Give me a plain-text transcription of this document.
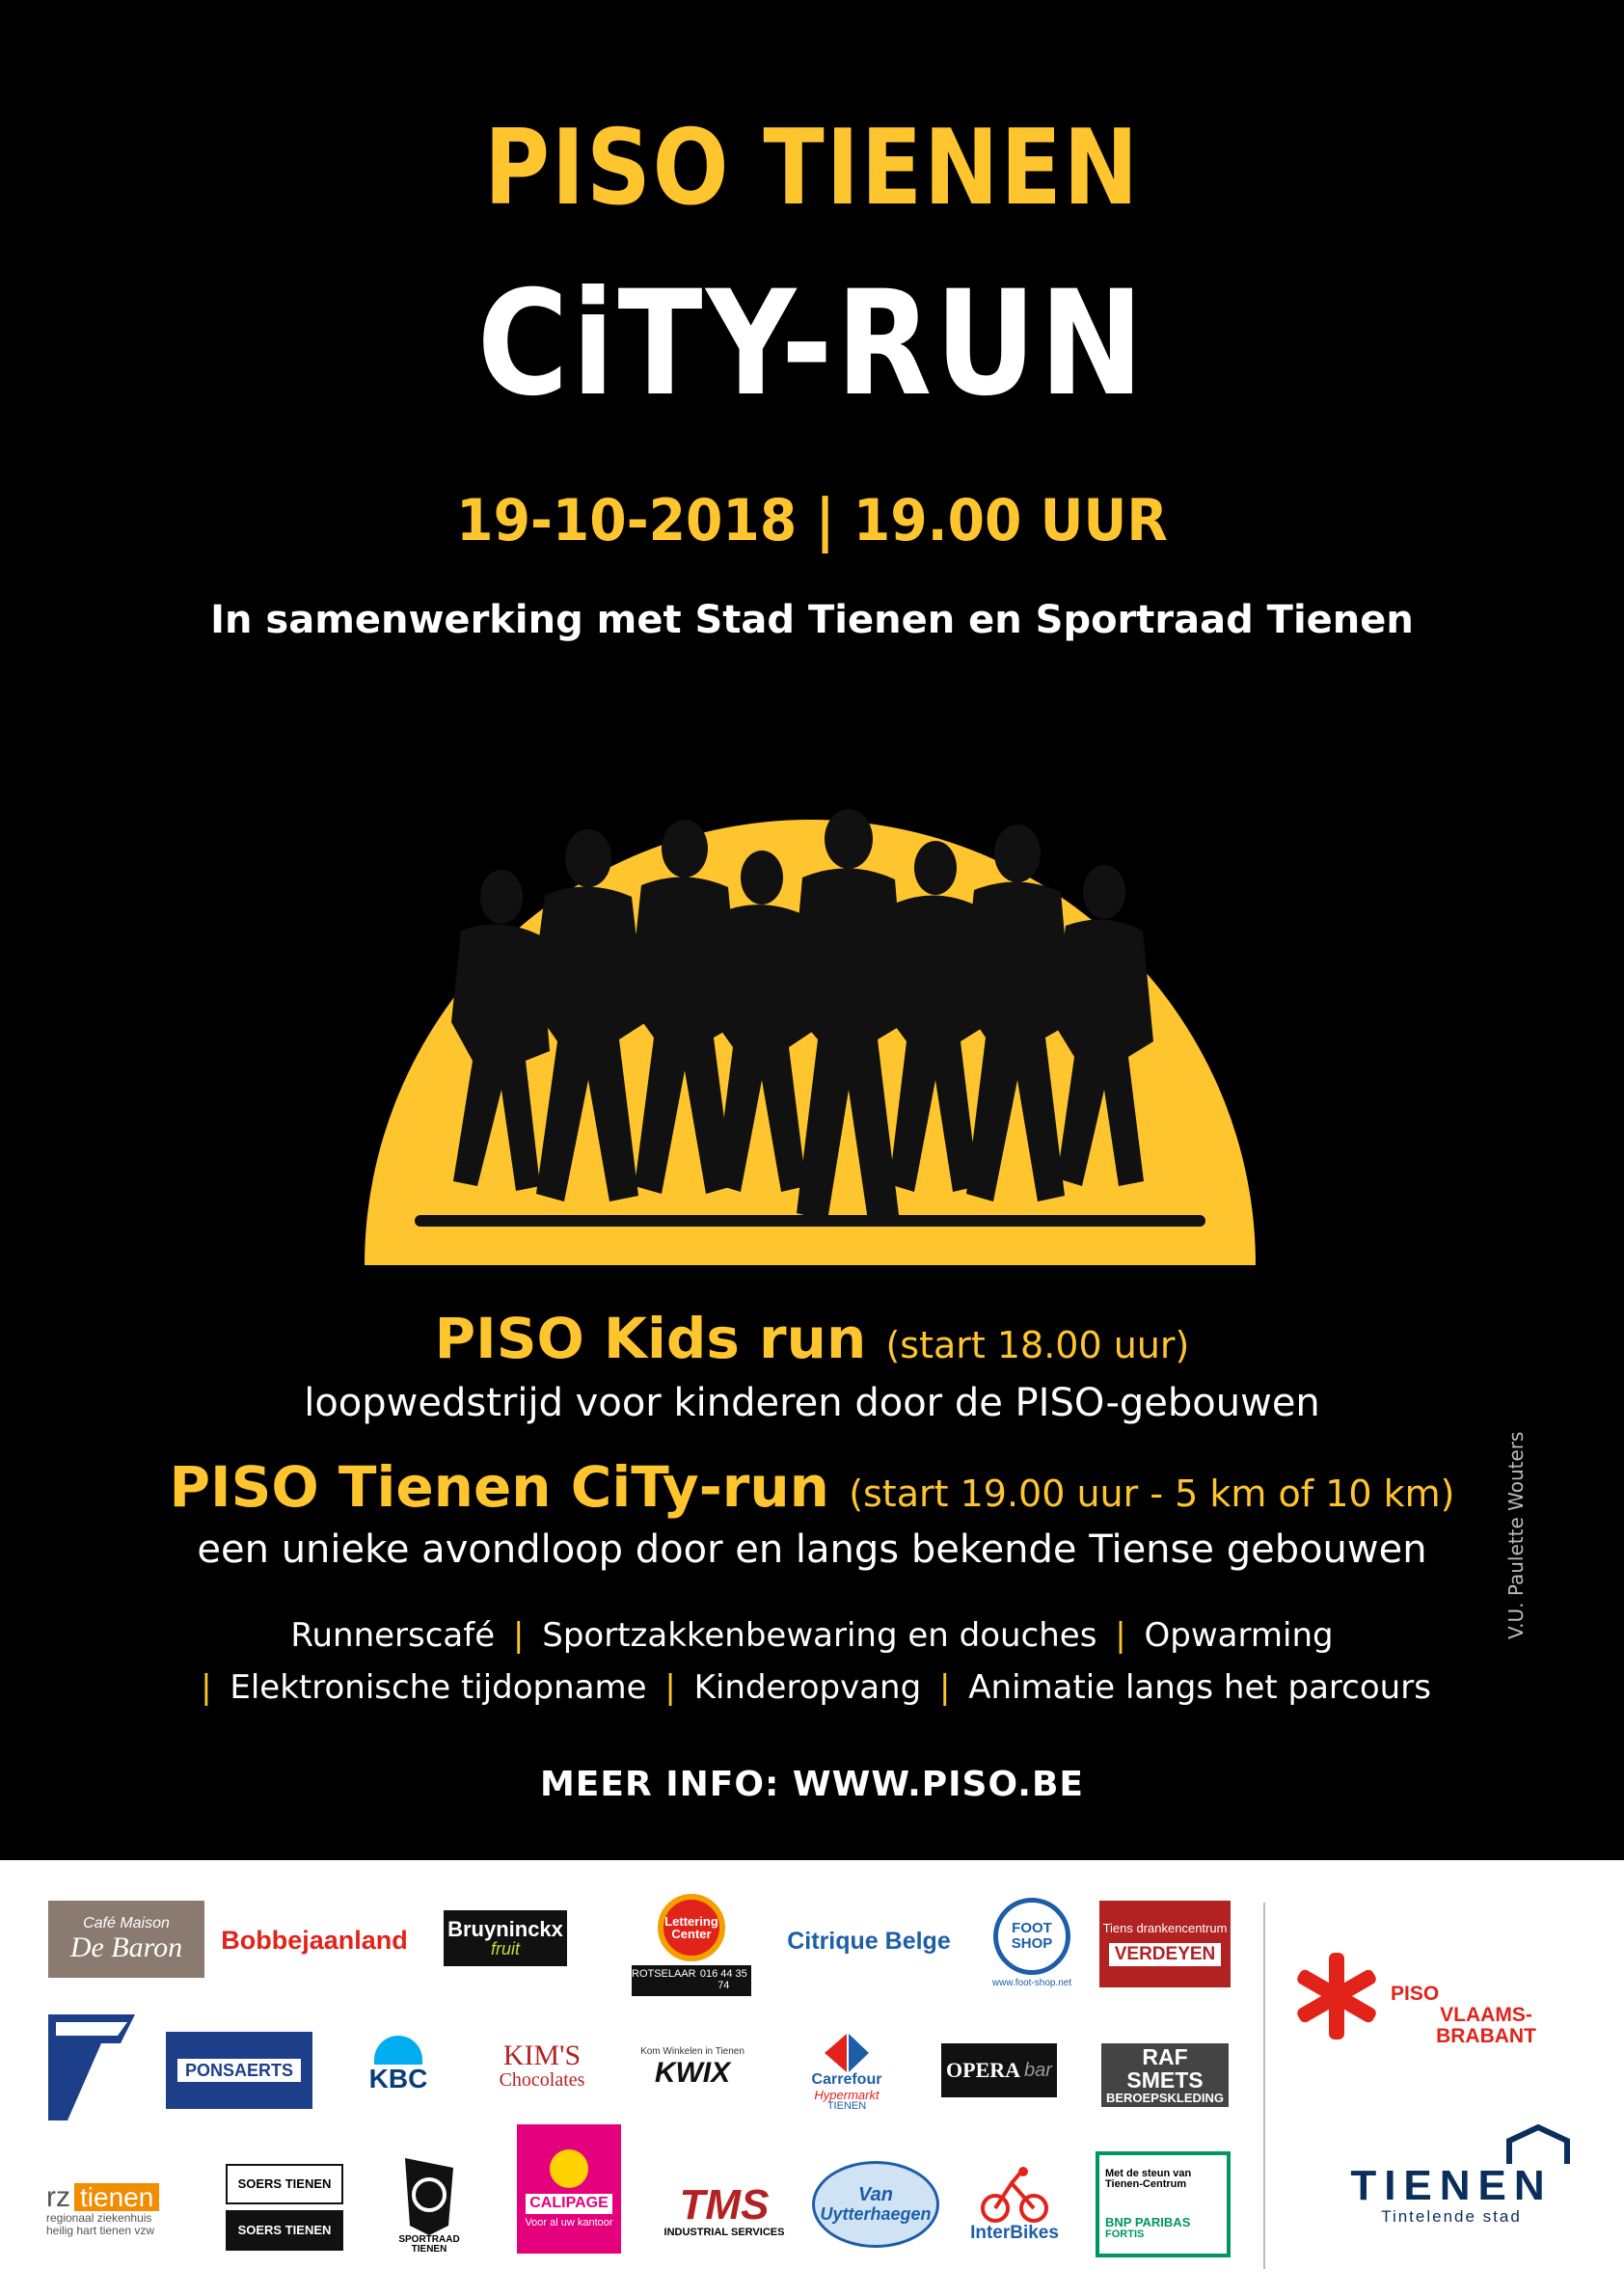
PISO TIENEN
CiTY-RUN
19-10-2018 | 19.00 UUR
In samenwerking met Stad Tienen en Sportraad Tienen
PISO Kids run (start 18.00 uur)
loopwedstrijd voor kinderen door de PISO-gebouwen
PISO Tienen CiTy-run (start 19.00 uur - 5 km of 10 km)
een unieke avondloop door en langs bekende Tiense gebouwen
Runnerscafé | Sportzakkenbewaring en douches | Opwarming
| Elektronische tijdopname | Kinderopvang | Animatie langs het parcours
MEER INFO: WWW.PISO.BE
V.U. Paulette Wouters
Café Maison
De Baron Bobbejaanland Bruyninckx
fruit
Lettering
Center
ROTSELAAR 016 44 35 74
Citrique Belge	FOOT
SHOP
www.foot-shop.net
Tiens drankencentrum
VERDEYEN
PONSAERTS	KBC
KIM'S
Chocolates
Kom Winkelen in Tienen
KWIX	Carrefour
Hypermarkt
TIENEN
OPERA bar
RAF SMETS
BEROEPSKLEDING
rz tienen
regionaal ziekenhuis
heilig hart tienen vzw
SOERS TIENEN
SOERS TIENEN
SPORTRAAD
TIENEN
CALIPAGE
Voor al uw kantoor TMS
INDUSTRIAL SERVICES
Van
Uytterhaegen
InterBikes
Met de steun van
Tienen-Centrum
BNP PARIBAS
FORTIS
PISO
VLAAMS-BRABANT
TIENEN
Tintelende stad
